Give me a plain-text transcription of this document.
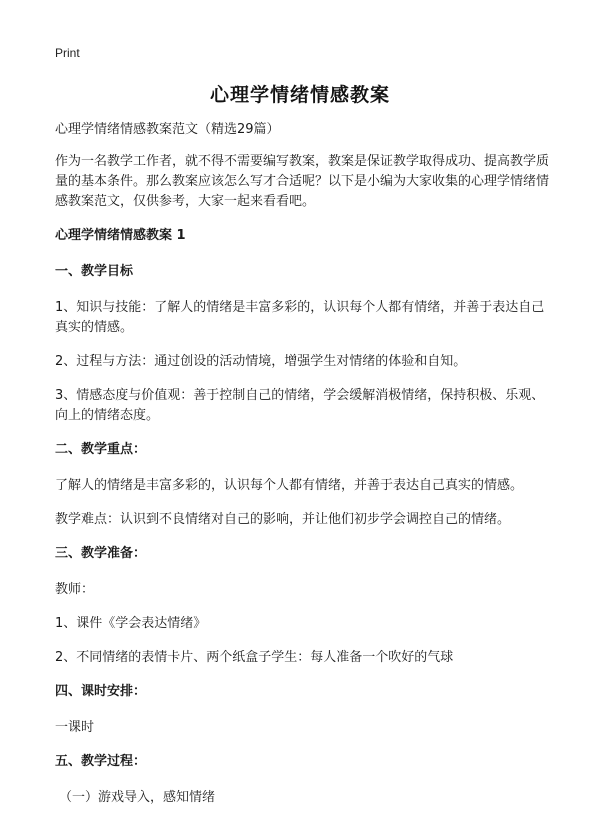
Print
心理学情绪情感教案

心理学情绪情感教案范文（精选29篇）

作为一名教学工作者，就不得不需要编写教案，教案是保证教学取得成功、提高教学质量的基本条件。那么教案应该怎么写才合适呢？以下是小编为大家收集的心理学情绪情感教案范文，仅供参考，大家一起来看看吧。

心理学情绪情感教案 1

一、教学目标

1、知识与技能：了解人的情绪是丰富多彩的，认识每个人都有情绪，并善于表达自己真实的情感。

2、过程与方法：通过创设的活动情境，增强学生对情绪的体验和自知。

3、情感态度与价值观：善于控制自己的情绪，学会缓解消极情绪，保持积极、乐观、向上的情绪态度。

二、教学重点：

了解人的情绪是丰富多彩的，认识每个人都有情绪，并善于表达自己真实的情感。

教学难点：认识到不良情绪对自己的影响，并让他们初步学会调控自己的情绪。

三、教学准备：

教师：

1、课件《学会表达情绪》

2、不同情绪的表情卡片、两个纸盒子学生：每人准备一个吹好的气球

四、课时安排：

一课时

五、教学过程：

（一）游戏导入，感知情绪
